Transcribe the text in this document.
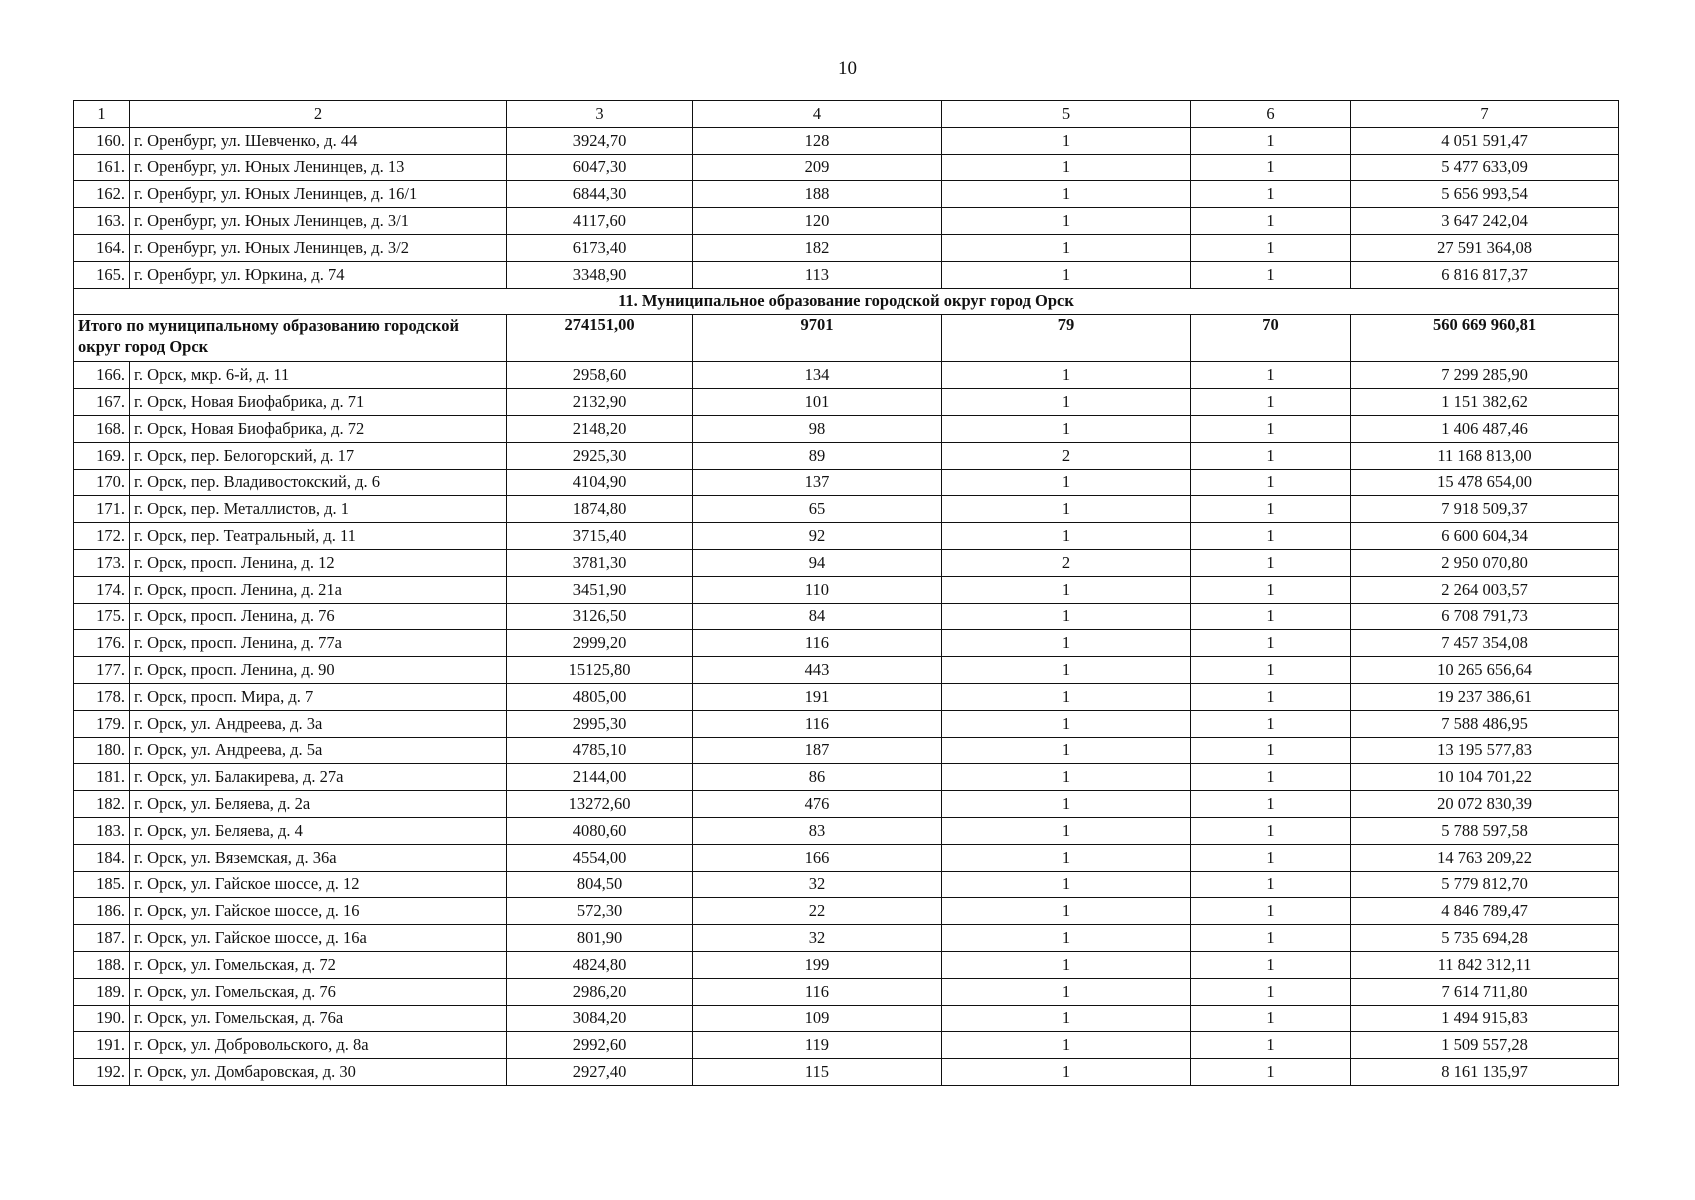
10
1	2	3	4	5	6	7
160.	г. Оренбург, ул. Шевченко, д. 44	3924,70	128	1	1	4 051 591,47
161.	г. Оренбург, ул. Юных Ленинцев, д. 13	6047,30	209	1	1	5 477 633,09
162.	г. Оренбург, ул. Юных Ленинцев, д. 16/1	6844,30	188	1	1	5 656 993,54
163.	г. Оренбург, ул. Юных Ленинцев, д. 3/1	4117,60	120	1	1	3 647 242,04
164.	г. Оренбург, ул. Юных Ленинцев, д. 3/2	6173,40	182	1	1	27 591 364,08
165.	г. Оренбург, ул. Юркина, д. 74	3348,90	113	1	1	6 816 817,37
11. Муниципальное образование городской округ город Орск						
Итого по муниципальному образованию городской округ город Орск		274151,00	9701	79	70	560 669 960,81
166.	г. Орск, мкр. 6-й, д. 11	2958,60	134	1	1	7 299 285,90
167.	г. Орск, Новая Биофабрика, д. 71	2132,90	101	1	1	1 151 382,62
168.	г. Орск, Новая Биофабрика, д. 72	2148,20	98	1	1	1 406 487,46
169.	г. Орск, пер. Белогорский, д. 17	2925,30	89	2	1	11 168 813,00
170.	г. Орск, пер. Владивостокский, д. 6	4104,90	137	1	1	15 478 654,00
171.	г. Орск, пер. Металлистов, д. 1	1874,80	65	1	1	7 918 509,37
172.	г. Орск, пер. Театральный, д. 11	3715,40	92	1	1	6 600 604,34
173.	г. Орск, просп. Ленина, д. 12	3781,30	94	2	1	2 950 070,80
174.	г. Орск, просп. Ленина, д. 21а	3451,90	110	1	1	2 264 003,57
175.	г. Орск, просп. Ленина, д. 76	3126,50	84	1	1	6 708 791,73
176.	г. Орск, просп. Ленина, д. 77а	2999,20	116	1	1	7 457 354,08
177.	г. Орск, просп. Ленина, д. 90	15125,80	443	1	1	10 265 656,64
178.	г. Орск, просп. Мира, д. 7	4805,00	191	1	1	19 237 386,61
179.	г. Орск, ул. Андреева, д. 3а	2995,30	116	1	1	7 588 486,95
180.	г. Орск, ул. Андреева, д. 5а	4785,10	187	1	1	13 195 577,83
181.	г. Орск, ул. Балакирева, д. 27а	2144,00	86	1	1	10 104 701,22
182.	г. Орск, ул. Беляева, д. 2а	13272,60	476	1	1	20 072 830,39
183.	г. Орск, ул. Беляева, д. 4	4080,60	83	1	1	5 788 597,58
184.	г. Орск, ул. Вяземская, д. 36а	4554,00	166	1	1	14 763 209,22
185.	г. Орск, ул. Гайское шоссе, д. 12	804,50	32	1	1	5 779 812,70
186.	г. Орск, ул. Гайское шоссе, д. 16	572,30	22	1	1	4 846 789,47
187.	г. Орск, ул. Гайское шоссе, д. 16а	801,90	32	1	1	5 735 694,28
188.	г. Орск, ул. Гомельская, д. 72	4824,80	199	1	1	11 842 312,11
189.	г. Орск, ул. Гомельская, д. 76	2986,20	116	1	1	7 614 711,80
190.	г. Орск, ул. Гомельская, д. 76а	3084,20	109	1	1	1 494 915,83
191.	г. Орск, ул. Добровольского, д. 8а	2992,60	119	1	1	1 509 557,28
192.	г. Орск, ул. Домбаровская, д. 30	2927,40	115	1	1	8 161 135,97
